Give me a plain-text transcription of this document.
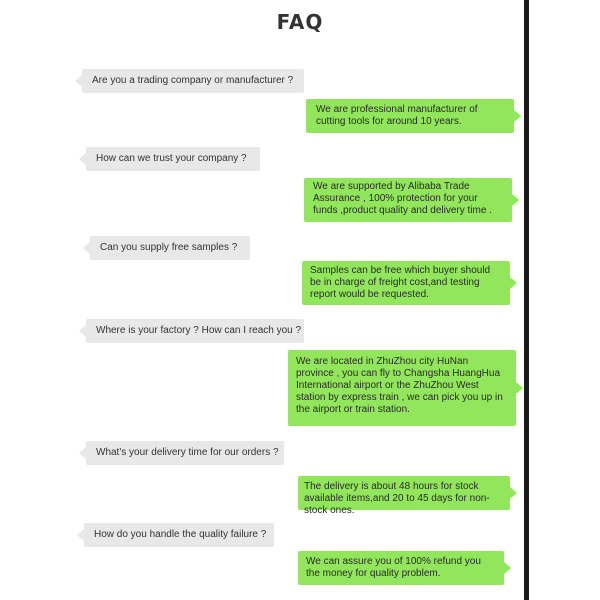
FAQ
Are you a trading company or manufacturer ?
We are professional manufacturer of cutting tools for around 10 years.
How can we trust your company ?
We are supported by Alibaba Trade Assurance , 100% protection for your funds ,product quality and delivery time .
Can you supply free samples ?
Samples can be free which buyer should be in charge of freight cost,and testing report would be requested.
Where is your factory ? How can I reach you ?
We are located in ZhuZhou city HuNan province , you can fly to Changsha HuangHua International airport or the ZhuZhou West station by express train , we can pick you up in the airport or train station.
What's your delivery time for our orders ?
The delivery is about 48 hours for stock available items,and 20 to 45 days for non-stock ones.
How do you handle the quality failure ?
We can assure you of 100% refund you the money for quality problem.
